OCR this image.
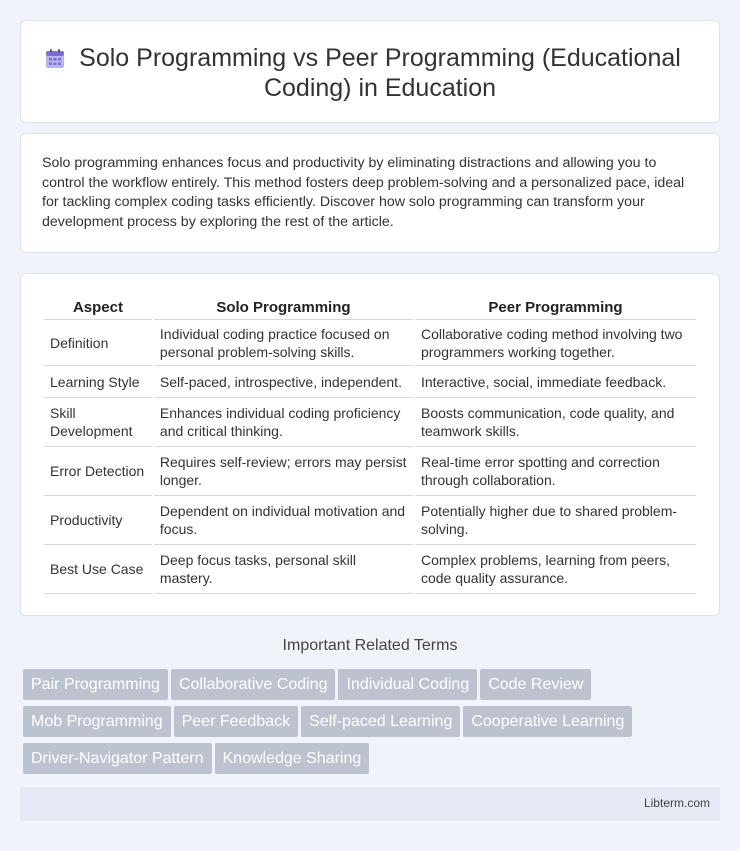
Solo Programming vs Peer Programming (Educational Coding) in Education

Solo programming enhances focus and productivity by eliminating distractions and allowing you to control the workflow entirely. This method fosters deep problem-solving and a personalized pace, ideal for tackling complex coding tasks efficiently. Discover how solo programming can transform your development process by exploring the rest of the article.

Aspect	Solo Programming	Peer Programming
Definition	Individual coding practice focused on personal problem-solving skills.	Collaborative coding method involving two programmers working together.
Learning Style	Self-paced, introspective, independent.	Interactive, social, immediate feedback.
Skill Development	Enhances individual coding proficiency and critical thinking.	Boosts communication, code quality, and teamwork skills.
Error Detection	Requires self-review; errors may persist longer.	Real-time error spotting and correction through collaboration.
Productivity	Dependent on individual motivation and focus.	Potentially higher due to shared problem-solving.
Best Use Case	Deep focus tasks, personal skill mastery.	Complex problems, learning from peers, code quality assurance.
Important Related Terms
Pair Programming Collaborative Coding Individual Coding Code Review
Mob Programming Peer Feedback Self-paced Learning Cooperative Learning
Driver-Navigator Pattern Knowledge Sharing
Libterm.com
